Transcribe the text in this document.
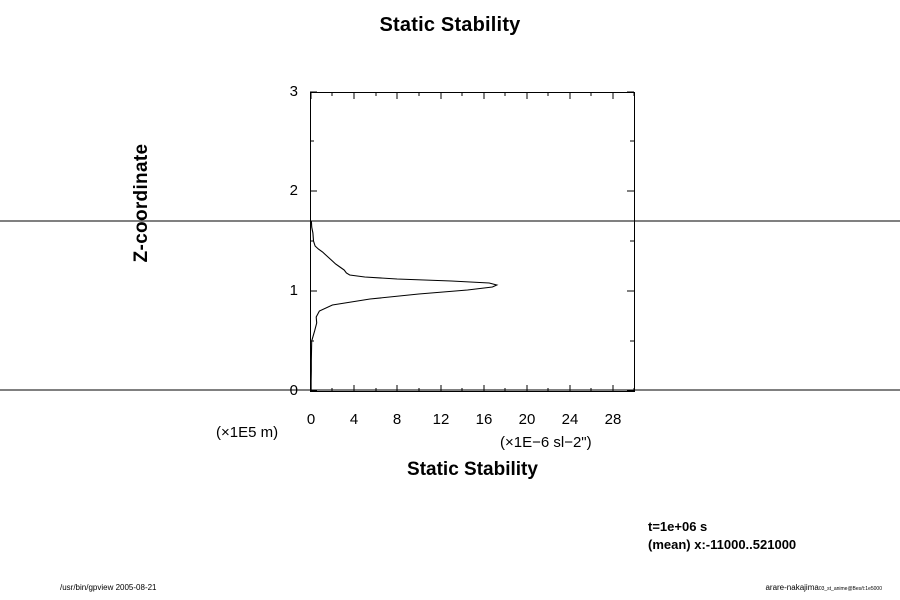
Static Stability
Z-coordinate
0
1
2
3
0	4	8	12	16	20	24	28
(×1E5 m)
(×1E−6 sl−2")
Static Stability
t=1e+06 s
(mean) x:-11000..521000
/usr/bin/gpview 2005-08-21	arare-nakajima03_st_anime@Bes/t:1e5000
